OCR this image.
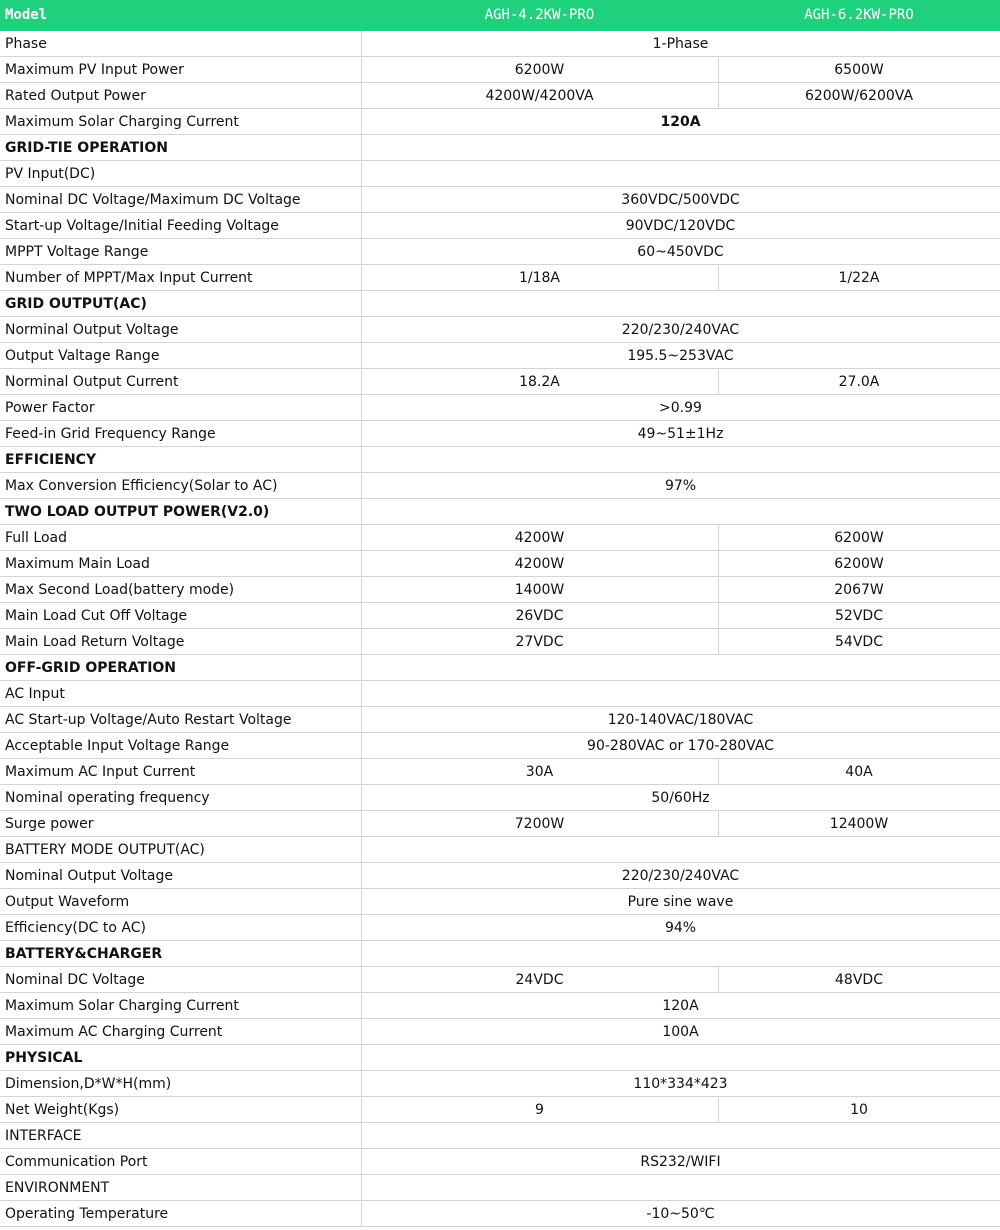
Model	AGH-4.2KW-PRO	AGH-6.2KW-PRO
Phase	1-Phase	
Maximum PV Input Power	6200W	6500W
Rated Output Power	4200W/4200VA	6200W/6200VA
Maximum Solar Charging Current	120A	
GRID-TIE OPERATION		
PV Input(DC)		
Nominal DC Voltage/Maximum DC Voltage	360VDC/500VDC	
Start-up Voltage/Initial Feeding Voltage	90VDC/120VDC	
MPPT Voltage Range	60~450VDC	
Number of MPPT/Max Input Current	1/18A	1/22A
GRID OUTPUT(AC)		
Norminal Output Voltage	220/230/240VAC	
Output Valtage Range	195.5~253VAC	
Norminal Output Current	18.2A	27.0A
Power Factor	>0.99	
Feed-in Grid Frequency Range	49~51±1Hz	
EFFICIENCY		
Max Conversion Efficiency(Solar to AC)	97%	
TWO LOAD OUTPUT POWER(V2.0)		
Full Load	4200W	6200W
Maximum Main Load	4200W	6200W
Max Second Load(battery mode)	1400W	2067W
Main Load Cut Off Voltage	26VDC	52VDC
Main Load Return Voltage	27VDC	54VDC
OFF-GRID OPERATION		
AC Input		
AC Start-up Voltage/Auto Restart Voltage	120-140VAC/180VAC	
Acceptable Input Voltage Range	90-280VAC or 170-280VAC	
Maximum AC Input Current	30A	40A
Nominal operating frequency	50/60Hz	
Surge power	7200W	12400W
BATTERY MODE OUTPUT(AC)		
Nominal Output Voltage	220/230/240VAC	
Output Waveform	Pure sine wave	
Efficiency(DC to AC)	94%	
BATTERY&CHARGER		
Nominal DC Voltage	24VDC	48VDC
Maximum Solar Charging Current	120A	
Maximum AC Charging Current	100A	
PHYSICAL		
Dimension,D*W*H(mm)	110*334*423	
Net Weight(Kgs)	9	10
INTERFACE		
Communication Port	RS232/WIFI	
ENVIRONMENT		
Operating Temperature	-10~50℃	
